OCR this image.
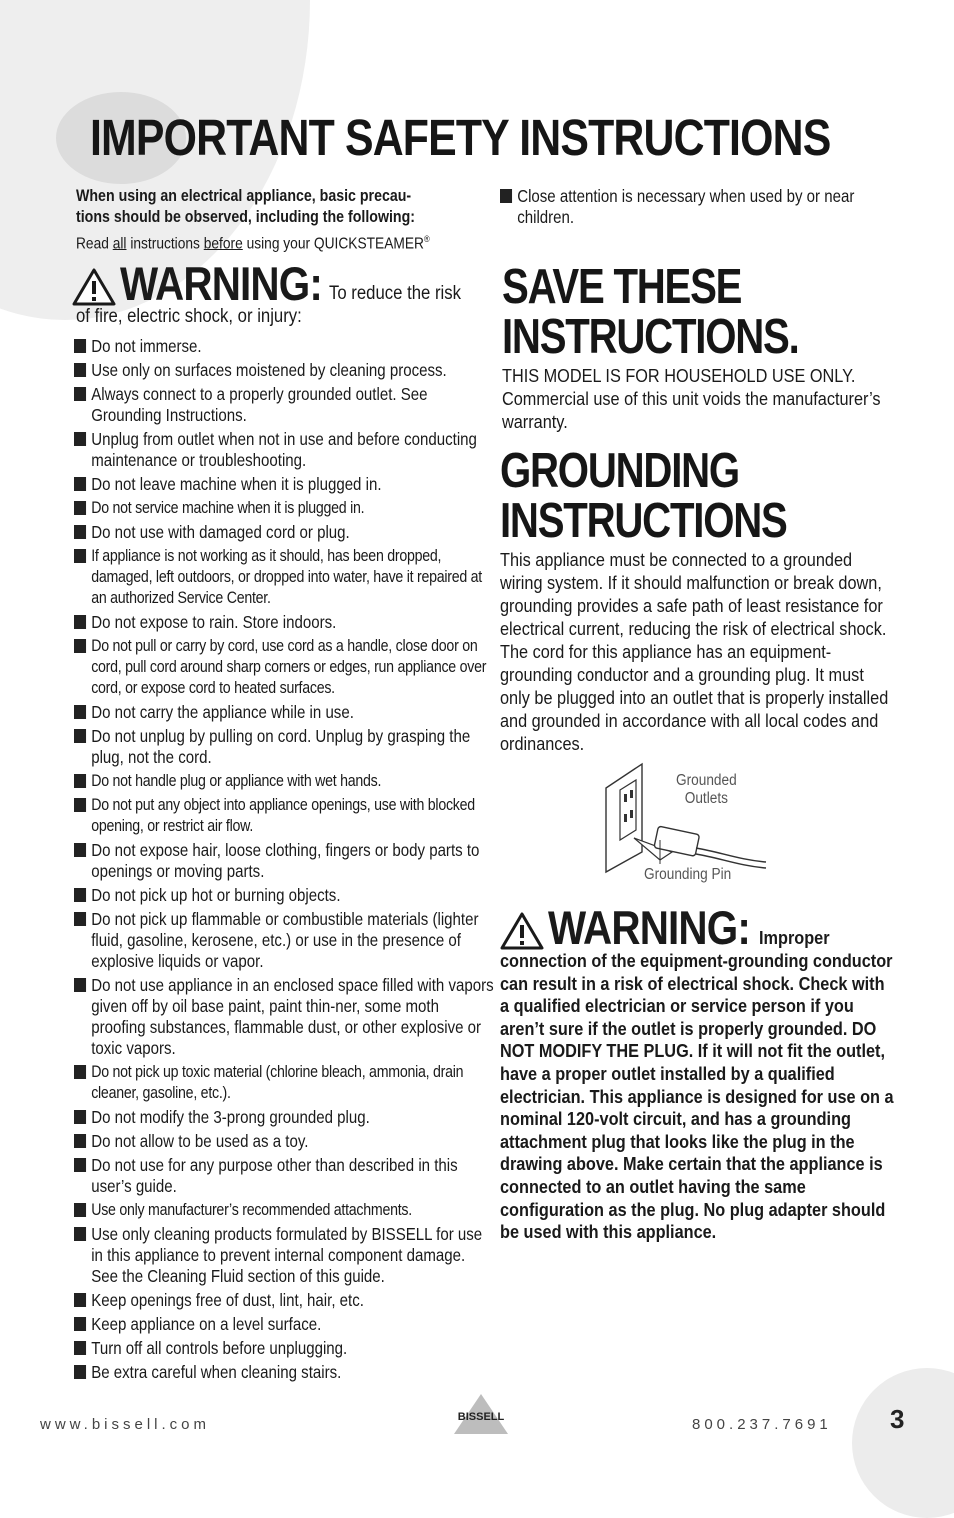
IMPORTANT SAFETY INSTRUCTIONS
When using an electrical appliance, basic precau-
tions should be observed, including the following:
Read all instructions before using your QUICKSTEAMER®
WARNING: To reduce the risk
of fire, electric shock, or injury:
Do not immerse.
Use only on surfaces moistened by cleaning process.
Always connect to a properly grounded outlet. See Grounding Instructions.
Unplug from outlet when not in use and before conducting maintenance or troubleshooting.
Do not leave machine when it is plugged in.
Do not service machine when it is plugged in.
Do not use with damaged cord or plug.
If appliance is not working as it should, has been dropped, damaged, left outdoors, or dropped into water, have it repaired at an authorized Service Center.
Do not expose to rain. Store indoors.
Do not pull or carry by cord, use cord as a handle, close door on cord, pull cord around sharp corners or edges, run appliance over cord, or expose cord to heated surfaces.
Do not carry the appliance while in use.
Do not unplug by pulling on cord. Unplug by grasping the plug, not the cord.
Do not handle plug or appliance with wet hands.
Do not put any object into appliance openings, use with blocked opening, or restrict air flow.
Do not expose hair, loose clothing, fingers or body parts to openings or moving parts.
Do not pick up hot or burning objects.
Do not pick up flammable or combustible materials (lighter fluid, gasoline, kerosene, etc.) or use in the presence of explosive liquids or vapor.
Do not use appliance in an enclosed space filled with vapors given off by oil base paint, paint thin-ner, some moth proofing substances, flammable dust, or other explosive or toxic vapors.
Do not pick up toxic material (chlorine bleach, ammonia, drain cleaner, gasoline, etc.).
Do not modify the 3-prong grounded plug.
Do not allow to be used as a toy.
Do not use for any purpose other than described in this user’s guide.
Use only manufacturer’s recommended attachments.
Use only cleaning products formulated by BISSELL for use in this appliance to prevent internal component damage. See the Cleaning Fluid section of this guide.
Keep openings free of dust, lint, hair, etc.
Keep appliance on a level surface.
Turn off all controls before unplugging.
Be extra careful when cleaning stairs.
Close attention is necessary when used by or near children.
SAVE THESE
INSTRUCTIONS.
THIS MODEL IS FOR HOUSEHOLD USE ONLY. Commercial use of this unit voids the manufacturer’s warranty.
GROUNDING
INSTRUCTIONS
This appliance must be connected to a grounded wiring system. If it should malfunction or break down, grounding provides a safe path of least resistance for electrical current, reducing the risk of electrical shock. The cord for this appliance has an equipment-grounding conductor and a grounding plug. It must only be plugged into an outlet that is properly installed and grounded in accordance with all local codes and ordinances.
Grounded
Outlets
Grounding Pin
WARNING: Improper
connection of the equipment-grounding conductor can result in a risk of electrical shock. Check with a qualified electrician or service person if you aren’t sure if the outlet is properly grounded. DO NOT MODIFY THE PLUG. If it will not fit the outlet, have a proper outlet installed by a qualified electrician. This appliance is designed for use on a nominal 120-volt circuit, and has a grounding attachment plug that looks like the plug in the drawing above. Make certain that the appliance is connected to an outlet having the same configuration as the plug. No plug adapter should be used with this appliance.
www.bissell.com	BISSELL	800.237.7691 3
